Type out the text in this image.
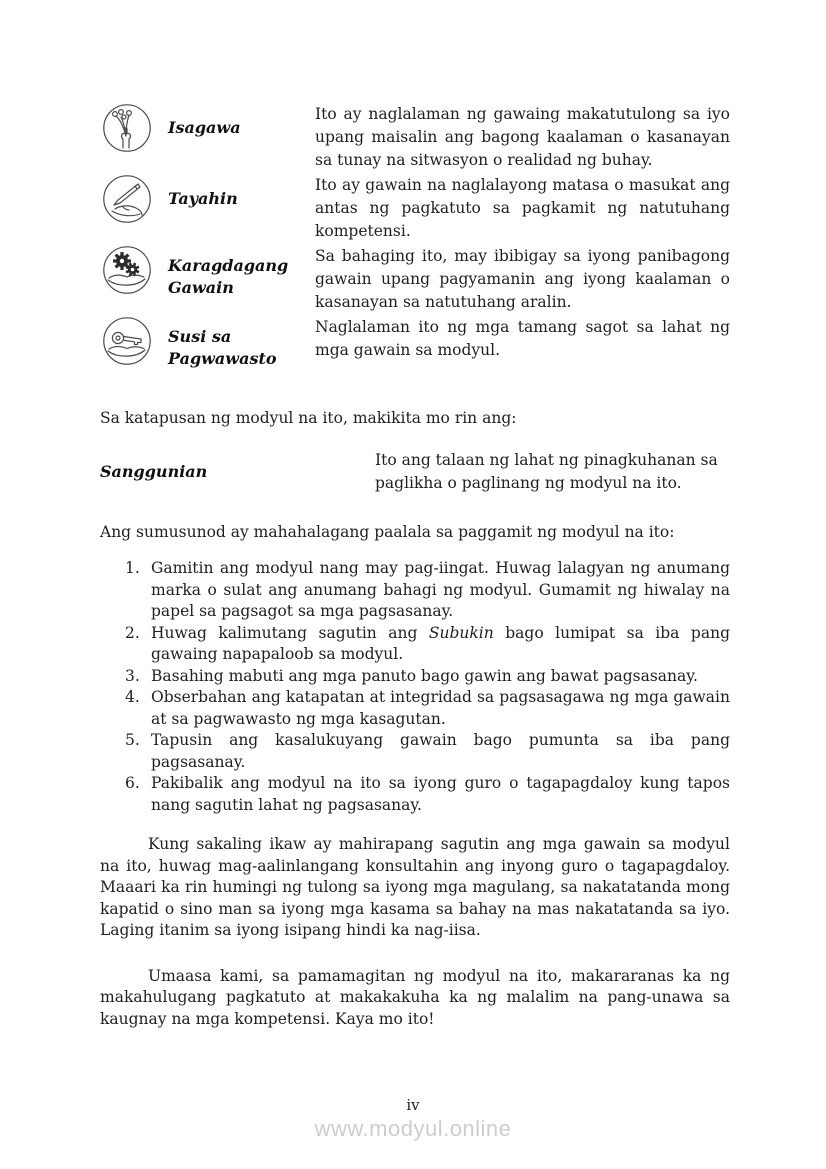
Isagawa
Ito ay naglalaman ng gawaing makatutulong sa iyo upang maisalin ang bagong kaalaman o kasanayan sa tunay na sitwasyon o realidad ng buhay.
Tayahin
Ito ay gawain na naglalayong matasa o masukat ang antas ng pagkatuto sa pagkamit ng natutuhang kompetensi.
Karagdagang Gawain
Sa bahaging ito, may ibibigay sa iyong panibagong gawain upang pagyamanin ang iyong kaalaman o kasanayan sa natutuhang aralin.
Susi sa Pagwawasto
Naglalaman ito ng mga tamang sagot sa lahat ng mga gawain sa modyul.
Sa katapusan ng modyul na ito, makikita mo rin ang:
Sanggunian
Ito ang talaan ng lahat ng pinagkuhanan sa paglikha o paglinang ng modyul na ito.
Ang sumusunod ay mahahalagang paalala sa paggamit ng modyul na ito:
1. Gamitin ang modyul nang may pag-iingat. Huwag lalagyan ng anumang marka o sulat ang anumang bahagi ng modyul. Gumamit ng hiwalay na papel sa pagsagot sa mga pagsasanay.
2. Huwag kalimutang sagutin ang Subukin bago lumipat sa iba pang gawaing napapaloob sa modyul.
3. Basahing mabuti ang mga panuto bago gawin ang bawat pagsasanay.
4. Obserbahan ang katapatan at integridad sa pagsasagawa ng mga gawain at sa pagwawasto ng mga kasagutan.
5. Tapusin ang kasalukuyang gawain bago pumunta sa iba pang pagsasanay.
6. Pakibalik ang modyul na ito sa iyong guro o tagapagdaloy kung tapos nang sagutin lahat ng pagsasanay.

Kung sakaling ikaw ay mahirapang sagutin ang mga gawain sa modyul na ito, huwag mag-aalinlangang konsultahin ang inyong guro o tagapagdaloy. Maaari ka rin humingi ng tulong sa iyong mga magulang, sa nakatatanda mong kapatid o sino man sa iyong mga kasama sa bahay na mas nakatatanda sa iyo. Laging itanim sa iyong isipang hindi ka nag-iisa.

Umaasa kami, sa pamamagitan ng modyul na ito, makararanas ka ng makahulugang pagkatuto at makakakuha ka ng malalim na pang-unawa sa kaugnay na mga kompetensi. Kaya mo ito!

iv
www.modyul.online
